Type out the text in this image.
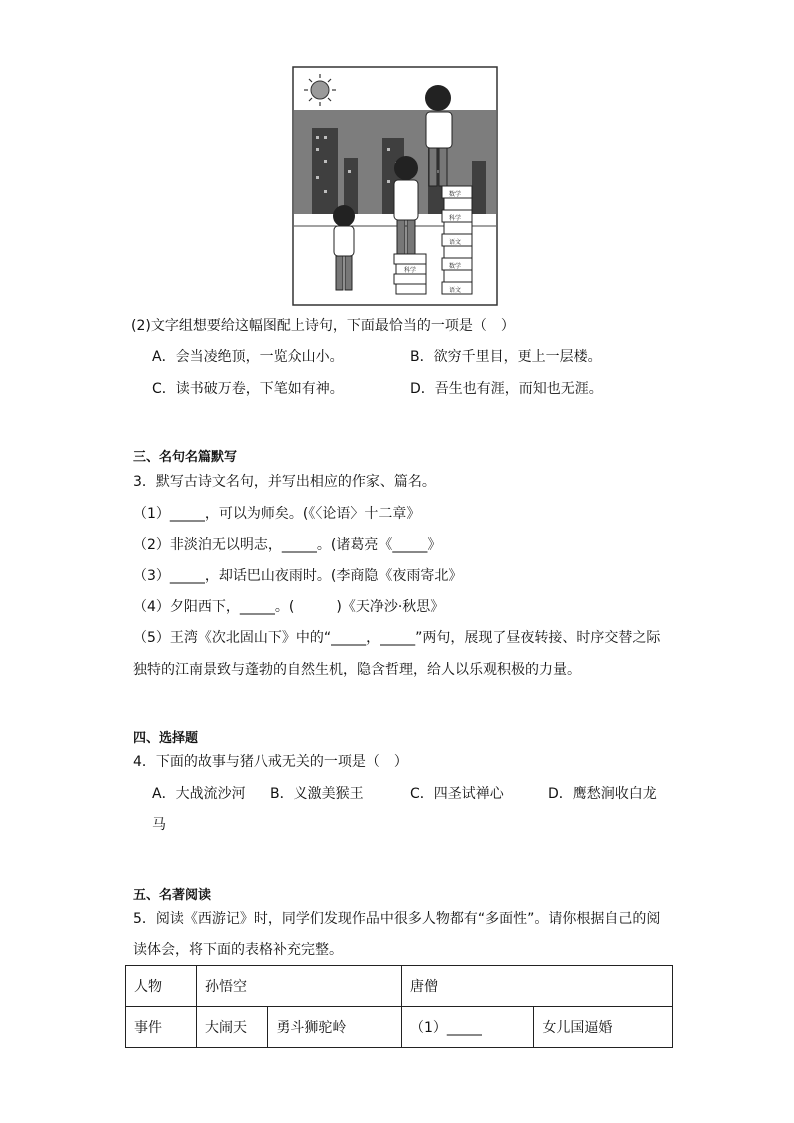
科学
数学
科学
语文
数学
语文
(2)文字组想要给这幅图配上诗句，下面最恰当的一项是（　）
A．会当凌绝顶，一览众山小。	B．欲穷千里目，更上一层楼。
C．读书破万卷，下笔如有神。	D．吾生也有涯，而知也无涯。
三、名句名篇默写
3．默写古诗文名句，并写出相应的作家、篇名。
（1）_____，可以为师矣。(《〈论语〉十二章》
（2）非淡泊无以明志，_____。(诸葛亮《_____》
（3）_____，却话巴山夜雨时。(李商隐《夜雨寄北》
（4）夕阳西下，_____。(　　　)《天净沙·秋思》
（5）王湾《次北固山下》中的“_____，_____”两句，展现了昼夜转接、时序交替之际
独特的江南景致与蓬勃的自然生机，隐含哲理，给人以乐观积极的力量。
四、选择题
4．下面的故事与猪八戒无关的一项是（　）
A．大战流沙河 B．义激美猴王	C．四圣试禅心	D．鹰愁涧收白龙
马
五、名著阅读
5．阅读《西游记》时，同学们发现作品中很多人物都有“多面性”。请你根据自己的阅
读体会，将下面的表格补充完整。
人物	孙悟空		唐僧	
事件	大闹天	勇斗狮驼岭	（1）_____	女儿国逼婚
